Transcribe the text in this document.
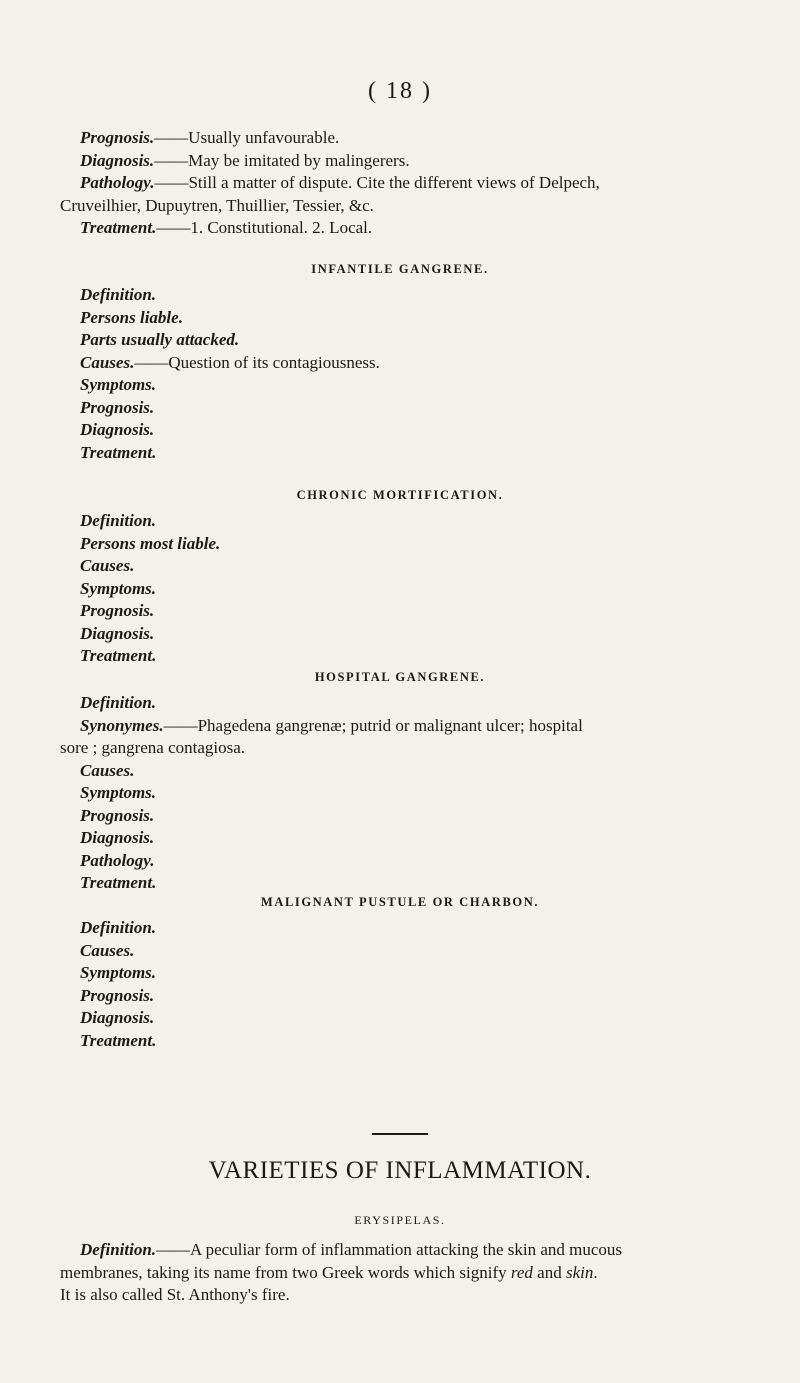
( 18 )
Prognosis.——Usually unfavourable.
Diagnosis.——May be imitated by malingerers.
Pathology.——Still a matter of dispute. Cite the different views of Delpech,
Cruveilhier, Dupuytren, Thuillier, Tessier, &c.
Treatment.——1. Constitutional. 2. Local.
INFANTILE GANGRENE.
Definition.
Persons liable.
Parts usually attacked.
Causes.——Question of its contagiousness.
Symptoms.
Prognosis.
Diagnosis.
Treatment.
CHRONIC MORTIFICATION.
Definition.
Persons most liable.
Causes.
Symptoms.
Prognosis.
Diagnosis.
Treatment.
HOSPITAL GANGRENE.
Definition.
Synonymes.——Phagedena gangrenæ; putrid or malignant ulcer; hospital
sore ; gangrena contagiosa.
Causes.
Symptoms.
Prognosis.
Diagnosis.
Pathology.
Treatment.
MALIGNANT PUSTULE OR CHARBON.
Definition.
Causes.
Symptoms.
Prognosis.
Diagnosis.
Treatment.
VARIETIES OF INFLAMMATION.
ERYSIPELAS.
Definition.——A peculiar form of inflammation attacking the skin and mucous
membranes, taking its name from two Greek words which signify red and skin.
It is also called St. Anthony's fire.
